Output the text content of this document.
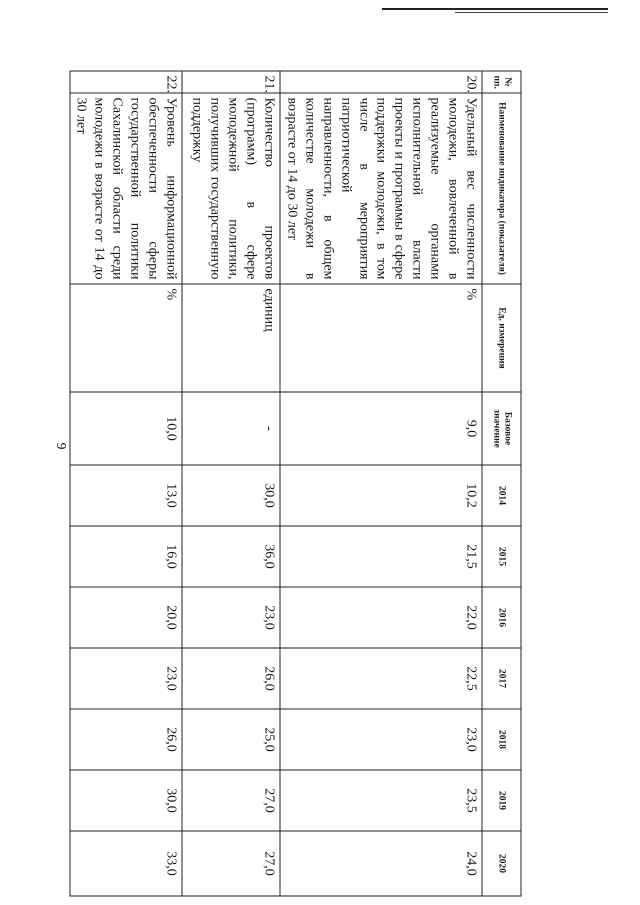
9
№ пп.	Наименование индикатора (показателя)	Ед. измерения	Базовое значение	2014	2015	2016	2017	2018	2019	2020
20.	Удельный вес численности молодежи, вовлеченной в реализуемые органами исполнительной власти проекты и программы в сфере поддержки молодежи, в том числе в мероприятия патриотической направленности, в общем количестве молодежи в возрасте от 14 до 30 лет	%	9,0	10,2	21,5	22,0	22,5	23,0	23,5	24,0
21.	Количество проектов (программ) в сфере молодежной политики, получивших государственную поддержку	единиц	-	30,0	36,0	23,0	26,0	25,0	27,0	27,0
22.	Уровень информационной обеспеченности сферы государственной политики Сахалинской области среди молодежи в возрасте от 14 до 30 лет	%	10,0	13,0	16,0	20,0	23,0	26,0	30,0	33,0
